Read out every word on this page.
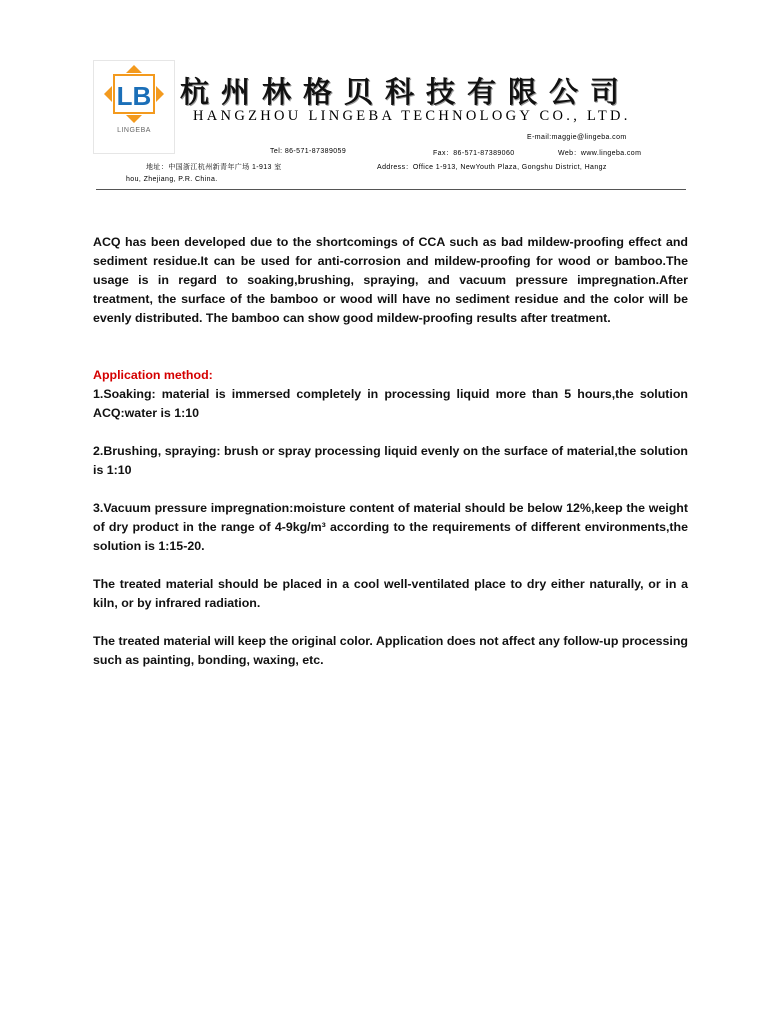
LB
LINGEBA
杭州林格贝科技有限公司
HANGZHOU LINGEBA TECHNOLOGY CO., LTD.
E-mail:maggie@lingeba.com
Tel: 86-571-87389059	Fax：86-571-87389060	Web：www.lingeba.com
地址：中国浙江杭州新青年广场 1-913 室	Address：Office 1-913, NewYouth Plaza, Gongshu District, Hangz
hou, Zhejiang, P.R. China.
ACQ has been developed due to the shortcomings of CCA such as bad mildew-proofing effect and sediment residue.It can be used for anti-corrosion and mildew-proofing for wood or bamboo.The usage is in regard to soaking,brushing, spraying, and vacuum pressure impregnation.After treatment, the surface of the bamboo or wood will have no sediment residue and the color will be evenly distributed. The bamboo can show good mildew-proofing results after treatment.
Application method:
1.Soaking: material is immersed completely in processing liquid more than 5 hours,the solution ACQ:water is 1:10
2.Brushing, spraying: brush or spray processing liquid evenly on the surface of material,the solution is 1:10
3.Vacuum pressure impregnation:moisture content of material should be below 12%,keep the weight of dry product in the range of 4-9kg/m³ according to the requirements of different environments,the solution is 1:15-20.
The treated material should be placed in a cool well-ventilated place to dry either naturally, or in a kiln, or by infrared radiation.
The treated material will keep the original color. Application does not affect any follow-up processing such as painting, bonding, waxing, etc.
